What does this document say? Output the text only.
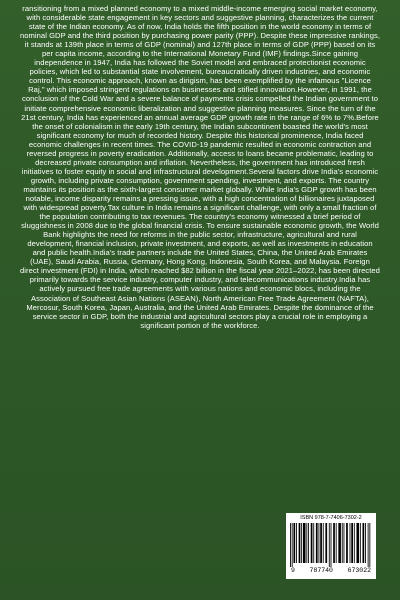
ransitioning from a mixed planned economy to a mixed middle-income emerging social market economy, with considerable state engagement in key sectors and suggestive planning, characterizes the current state of the Indian economy. As of now, India holds the fifth position in the world economy in terms of nominal GDP and the third position by purchasing power parity (PPP). Despite these impressive rankings, it stands at 139th place in terms of GDP (nominal) and 127th place in terms of GDP (PPP) based on its per capita income, according to the International Monetary Fund (IMF) findings.Since gaining independence in 1947, India has followed the Soviet model and embraced protectionist economic policies, which led to substantial state involvement, bureaucratically driven industries, and economic control. This economic approach, known as dirigism, has been exemplified by the infamous "Licence Raj," which imposed stringent regulations on businesses and stifled innovation.However, in 1991, the conclusion of the Cold War and a severe balance of payments crisis compelled the Indian government to initiate comprehensive economic liberalization and suggestive planning measures. Since the turn of the 21st century, India has experienced an annual average GDP growth rate in the range of 6% to 7%.Before the onset of colonialism in the early 19th century, the Indian subcontinent boasted the world's most significant economy for much of recorded history. Despite this historical prominence, India faced economic challenges in recent times. The COVID-19 pandemic resulted in economic contraction and reversed progress in poverty eradication. Additionally, access to loans became problematic, leading to decreased private consumption and inflation. Nevertheless, the government has introduced fresh initiatives to foster equity in social and infrastructural development.Several factors drive India's economic growth, including private consumption, government spending, investment, and exports. The country maintains its position as the sixth-largest consumer market globally. While India's GDP growth has been notable, income disparity remains a pressing issue, with a high concentration of billionaires juxtaposed with widespread poverty.Tax culture in India remains a significant challenge, with only a small fraction of the population contributing to tax revenues. The country's economy witnessed a brief period of sluggishness in 2008 due to the global financial crisis. To ensure sustainable economic growth, the World Bank highlights the need for reforms in the public sector, infrastructure, agricultural and rural development, financial inclusion, private investment, and exports, as well as investments in education and public health.India's trade partners include the United States, China, the United Arab Emirates (UAE), Saudi Arabia, Russia, Germany, Hong Kong, Indonesia, South Korea, and Malaysia. Foreign direct investment (FDI) in India, which reached $82 billion in the fiscal year 2021–2022, has been directed primarily towards the service industry, computer industry, and telecommunications industry.India has actively pursued free trade agreements with various nations and economic blocs, including the Association of Southeast Asian Nations (ASEAN), North American Free Trade Agreement (NAFTA), Mercosur, South Korea, Japan, Australia, and the United Arab Emirates. Despite the dominance of the service sector in GDP, both the industrial and agricultural sectors play a crucial role in employing a significant portion of the workforce.

ISBN 978-7-7406-7302-2
9 787740 673022
